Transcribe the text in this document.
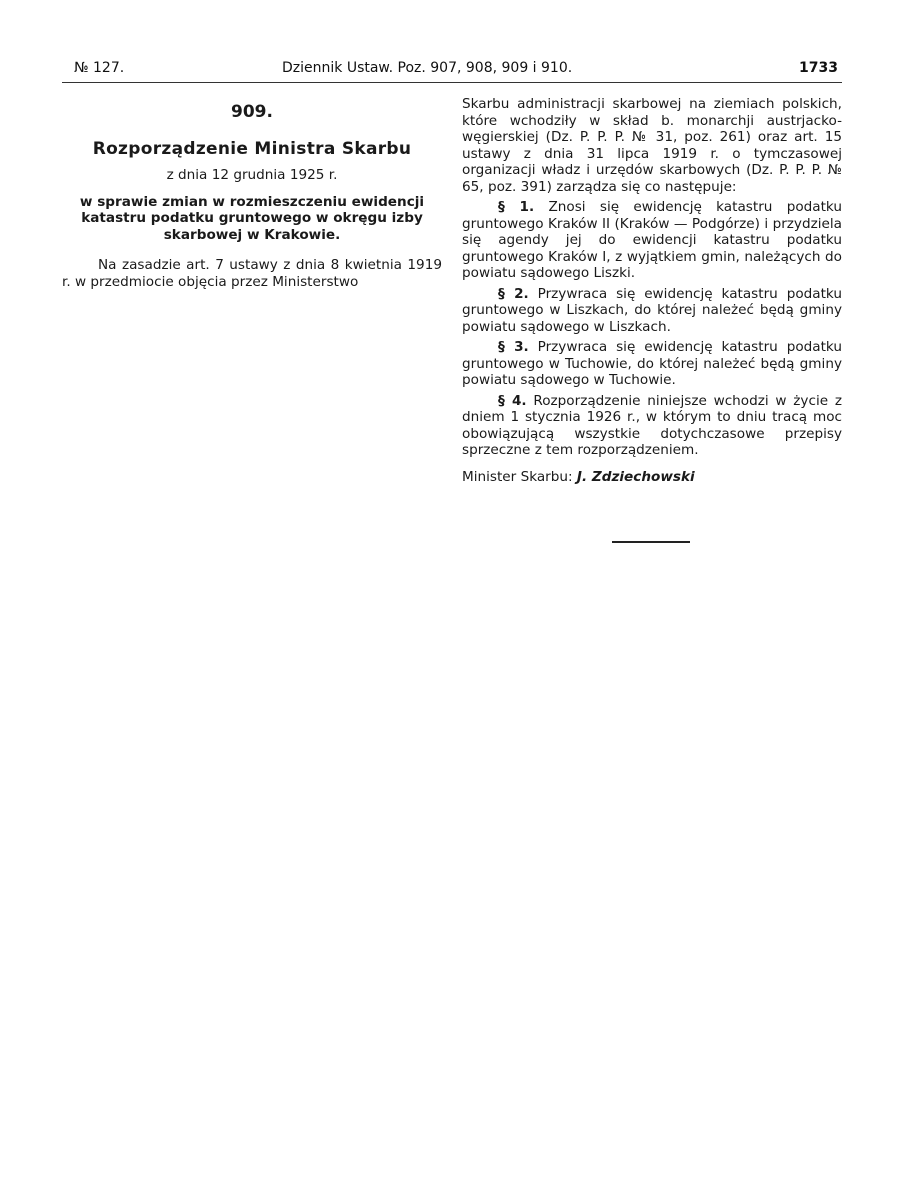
№ 127.	Dziennik Ustaw. Poz. 907, 908, 909 i 910.	1733
909.
Rozporządzenie Ministra Skarbu
z dnia 12 grudnia 1925 r.
w sprawie zmian w rozmieszczeniu ewidencji katastru podatku gruntowego w okręgu izby skarbowej w Krakowie.

Na zasadzie art. 7 ustawy z dnia 8 kwietnia 1919 r. w przedmiocie objęcia przez Ministerstwo

Skarbu administracji skarbowej na ziemiach polskich, które wchodziły w skład b. monarchji austrjacko-węgierskiej (Dz. P. P. P. № 31, poz. 261) oraz art. 15 ustawy z dnia 31 lipca 1919 r. o tymczasowej organizacji władz i urzędów skarbowych (Dz. P. P. P. № 65, poz. 391) zarządza się co następuje:

§ 1. Znosi się ewidencję katastru podatku gruntowego Kraków II (Kraków — Podgórze) i przydziela się agendy jej do ewidencji katastru podatku gruntowego Kraków I, z wyjątkiem gmin, należących do powiatu sądowego Liszki.

§ 2. Przywraca się ewidencję katastru podatku gruntowego w Liszkach, do której należeć będą gminy powiatu sądowego w Liszkach.

§ 3. Przywraca się ewidencję katastru podatku gruntowego w Tuchowie, do której należeć będą gminy powiatu sądowego w Tuchowie.

§ 4. Rozporządzenie niniejsze wchodzi w życie z dniem 1 stycznia 1926 r., w którym to dniu tracą moc obowiązującą wszystkie dotychczasowe przepisy sprzeczne z tem rozporządzeniem.

Minister Skarbu: J. Zdziechowski
